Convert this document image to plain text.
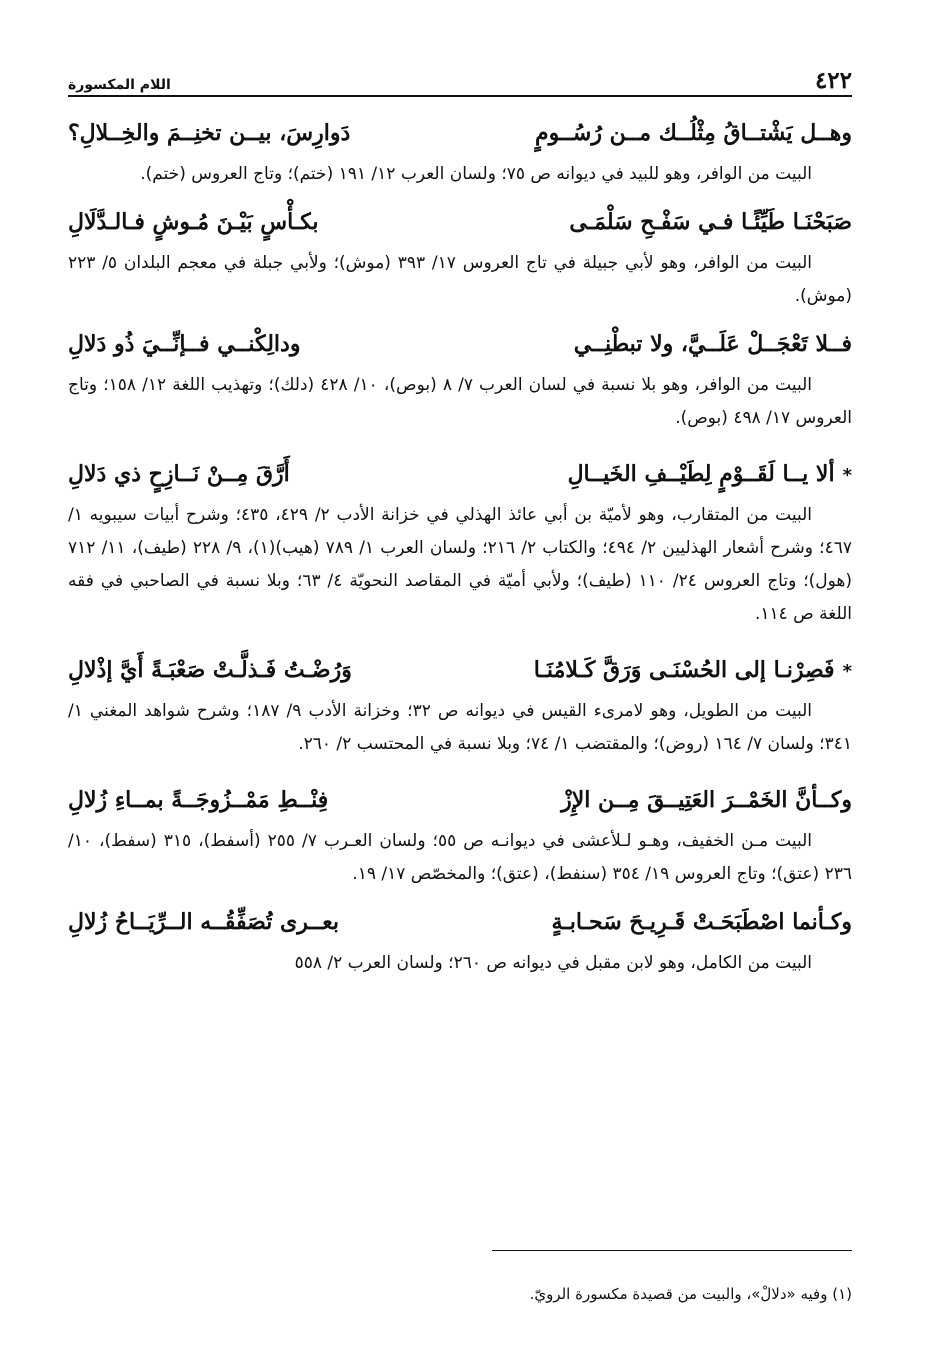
٤٢٢
اللام المكسورة
وهــل يَشْتــاقُ مِثْلُــك مــن رُسُــومٍ
دَوارِسَ، بيــن تخنِــمَ والخِــلالِ؟

البيت من الوافر، وهو للبيد في ديوانه ص ٧٥؛ ولسان العرب ١٢/ ١٩١ (ختم)؛ وتاج العروس (ختم).

صَبَحْنَـا طَيِّئًـا فـي سَفْـحِ سَلْمَـى
بكـأْسٍ بَيْـنَ مُـوشٍ فـالـدَّلَالِ

البيت من الوافر، وهو لأبي جبيلة في تاج العروس ١٧/ ٣٩٣ (موش)؛ ولأبي جبلة في معجم البلدان ٥/ ٢٢٣ (موش).

فــلا تَعْجَــلْ عَلَــيَّ، ولا تبطْنِــي
ودالِكْنــي فــإنِّــيَ ذُو دَلالِ

البيت من الوافر، وهو بلا نسبة في لسان العرب ٧/ ٨ (بوص)، ١٠/ ٤٢٨ (دلك)؛ وتهذيب اللغة ١٢/ ١٥٨؛ وتاج العروس ١٧/ ٤٩٨ (بوص).

*ألا يــا لَقَــوْمٍ لِطَيْــفِ الخَيــالِ
أَرَّقَ مِــنْ نَــازِحٍ ذي دَلالِ

البيت من المتقارب، وهو لأميّة بن أبي عائذ الهذلي في خزانة الأدب ٢/ ٤٢٩، ٤٣٥؛ وشرح أبيات سيبويه ١/ ٤٦٧؛ وشرح أشعار الهذليين ٢/ ٤٩٤؛ والكتاب ٢/ ٢١٦؛ ولسان العرب ١/ ٧٨٩ (هيب)(١)، ٩/ ٢٢٨ (طيف)، ١١/ ٧١٢ (هول)؛ وتاج العروس ٢٤/ ١١٠ (طيف)؛ ولأبي أميّة في المقاصد النحويّة ٤/ ٦٣؛ وبلا نسبة في الصاحبي في فقه اللغة ص ١١٤.

*فَصِرْنـا إلى الحُسْنَـى وَرَقَّ كَـلامُنَـا
وَرُضْـتُ فَـذلَّـتْ صَعْبَـةً أَيَّ إذْلالِ

البيت من الطويل، وهو لامرىء القيس في ديوانه ص ٣٢؛ وخزانة الأدب ٩/ ١٨٧؛ وشرح شواهد المغني ١/ ٣٤١؛ ولسان ٧/ ١٦٤ (روض)؛ والمقتضب ١/ ٧٤؛ وبلا نسبة في المحتسب ٢/ ٢٦٠.

وكــأنَّ الخَمْــرَ العَتِيــقَ مِــن الإِزْ
فِنْــطِ مَمْــزُوجَــةً بمــاءِ زُلالِ

البيت مـن الخفيف، وهـو لـلأعشى في ديوانـه ص ٥٥؛ ولسان العـرب ٧/ ٢٥٥ (أسفط)، ٣١٥ (سفط)، ١٠/ ٢٣٦ (عتق)؛ وتاج العروس ١٩/ ٣٥٤ (سنفط)، (عتق)؛ والمخصّص ١٧/ ١٩.

وكـأنما اصْطَبَحَـتْ قَـرِيـحَ سَحـابـةٍ
بعــرى تُصَفِّقُــه الــرِّيَــاحُ زُلالِ

البيت من الكامل، وهو لابن مقبل في ديوانه ص ٢٦٠؛ ولسان العرب ٢/ ٥٥٨

(١) وفيه «دلالْ»، والبيت من قصيدة مكسورة الرويّ.
